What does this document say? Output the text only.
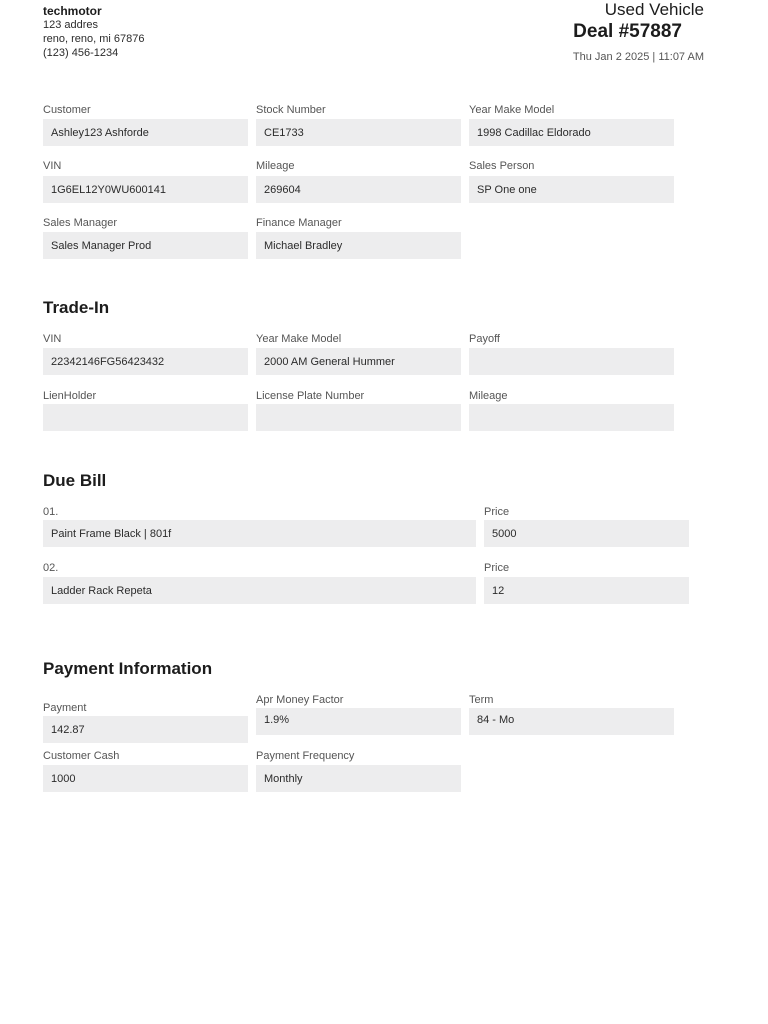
techmotor
123 addres
reno, reno, mi 67876
(123) 456-1234
Used Vehicle
Deal #57887
Thu Jan 2 2025 | 11:07 AM
Customer
Ashley123 Ashforde
Stock Number
CE1733
Year Make Model
1998 Cadillac Eldorado
VIN
1G6EL12Y0WU600141
Mileage
269604
Sales Person
SP One one
Sales Manager
Sales Manager Prod
Finance Manager
Michael Bradley
Trade-In
VIN
22342146FG56423432
Year Make Model
2000 AM General Hummer
Payoff
LienHolder	License Plate Number	Mileage
Due Bill
01.
Paint Frame Black | 801f
Price
5000
02.
Ladder Rack Repeta
Price
12
Payment Information
Payment
142.87
Apr Money Factor
1.9%
Term
84 - Mo
Customer Cash
1000
Payment Frequency
Monthly
